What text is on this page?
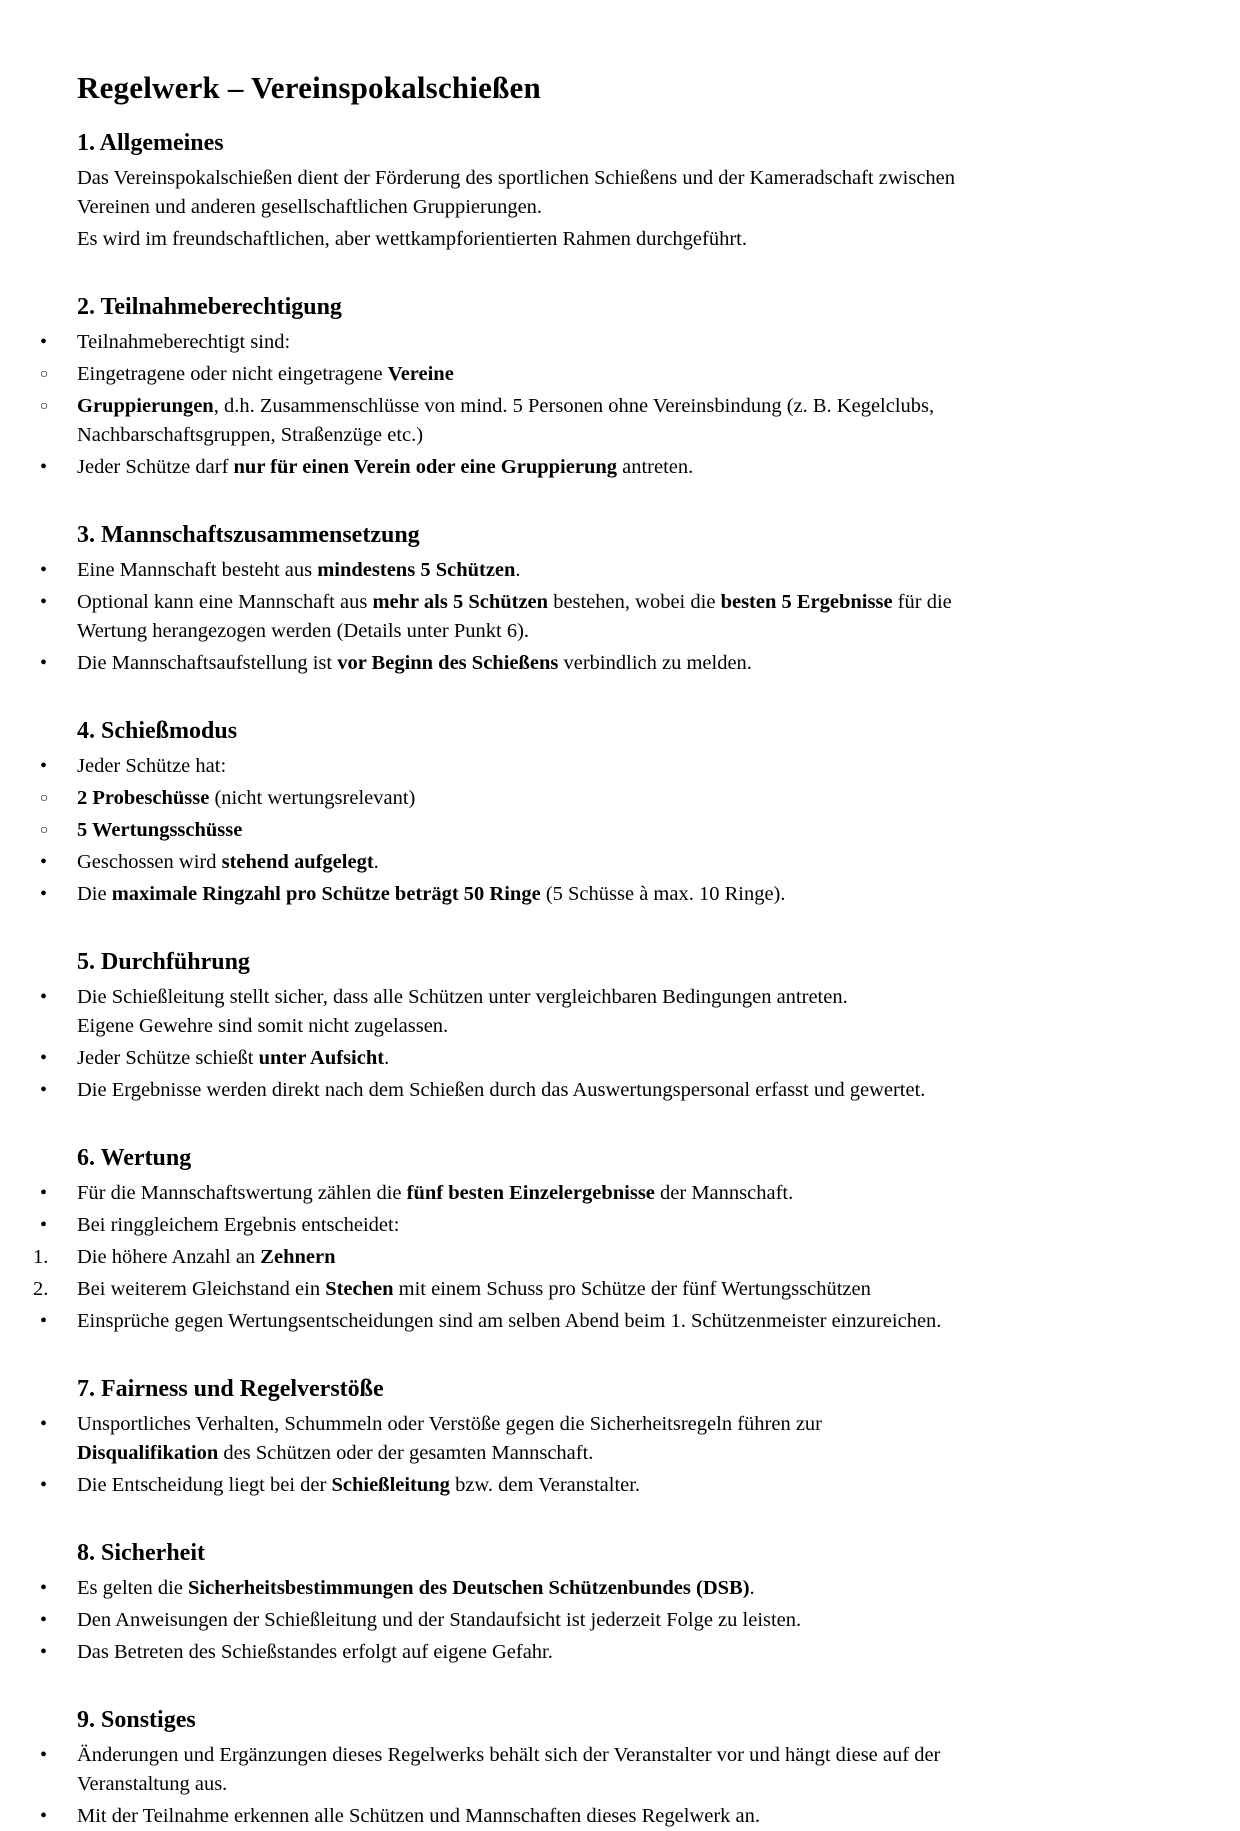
Regelwerk – Vereinspokalschießen
1. Allgemeines
Das Vereinspokalschießen dient der Förderung des sportlichen Schießens und der Kameradschaft zwischen
Vereinen und anderen gesellschaftlichen Gruppierungen.
Es wird im freundschaftlichen, aber wettkampforientierten Rahmen durchgeführt.
2. Teilnahmeberechtigung
•	Teilnahmeberechtigt sind:
○	Eingetragene oder nicht eingetragene Vereine
○	Gruppierungen, d.h. Zusammenschlüsse von mind. 5 Personen ohne Vereinsbindung (z. B. Kegelclubs,
Nachbarschaftsgruppen, Straßenzüge etc.)
•	Jeder Schütze darf nur für einen Verein oder eine Gruppierung antreten.
3. Mannschaftszusammensetzung
•	Eine Mannschaft besteht aus mindestens 5 Schützen.
•	Optional kann eine Mannschaft aus mehr als 5 Schützen bestehen, wobei die besten 5 Ergebnisse für die
Wertung herangezogen werden (Details unter Punkt 6).
•	Die Mannschaftsaufstellung ist vor Beginn des Schießens verbindlich zu melden.
4. Schießmodus
•	Jeder Schütze hat:
○	2 Probeschüsse (nicht wertungsrelevant)
○	5 Wertungsschüsse
•	Geschossen wird stehend aufgelegt.
•	Die maximale Ringzahl pro Schütze beträgt 50 Ringe (5 Schüsse à max. 10 Ringe).
5. Durchführung
•	Die Schießleitung stellt sicher, dass alle Schützen unter vergleichbaren Bedingungen antreten.
Eigene Gewehre sind somit nicht zugelassen.
•	Jeder Schütze schießt unter Aufsicht.
•	Die Ergebnisse werden direkt nach dem Schießen durch das Auswertungspersonal erfasst und gewertet.
6. Wertung
•	Für die Mannschaftswertung zählen die fünf besten Einzelergebnisse der Mannschaft.
•	Bei ringgleichem Ergebnis entscheidet:
1.	Die höhere Anzahl an Zehnern
2.	Bei weiterem Gleichstand ein Stechen mit einem Schuss pro Schütze der fünf Wertungsschützen
•	Einsprüche gegen Wertungsentscheidungen sind am selben Abend beim 1. Schützenmeister einzureichen.
7. Fairness und Regelverstöße
•	Unsportliches Verhalten, Schummeln oder Verstöße gegen die Sicherheitsregeln führen zur
Disqualifikation des Schützen oder der gesamten Mannschaft.
•	Die Entscheidung liegt bei der Schießleitung bzw. dem Veranstalter.
8. Sicherheit
•	Es gelten die Sicherheitsbestimmungen des Deutschen Schützenbundes (DSB).
•	Den Anweisungen der Schießleitung und der Standaufsicht ist jederzeit Folge zu leisten.
•	Das Betreten des Schießstandes erfolgt auf eigene Gefahr.
9. Sonstiges
•	Änderungen und Ergänzungen dieses Regelwerks behält sich der Veranstalter vor und hängt diese auf der
Veranstaltung aus.
•	Mit der Teilnahme erkennen alle Schützen und Mannschaften dieses Regelwerk an.
